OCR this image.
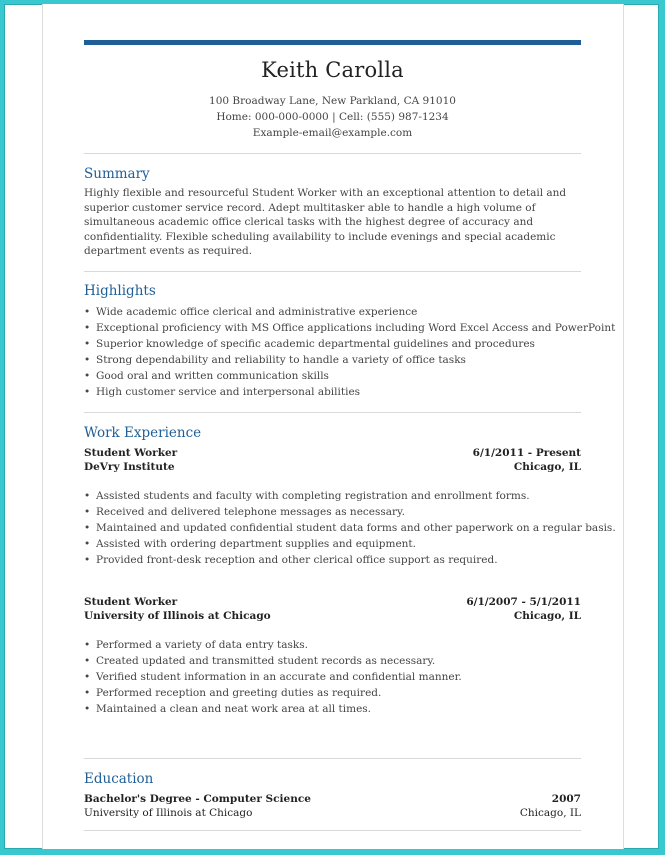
Keith Carolla
100 Broadway Lane, New Parkland, CA 91010
Home: 000-000-0000 | Cell: (555) 987-1234
Example-email@example.com
Summary
Highly flexible and resourceful Student Worker with an exceptional attention to detail and superior customer service record. Adept multitasker able to handle a high volume of simultaneous academic office clerical tasks with the highest degree of accuracy and confidentiality. Flexible scheduling availability to include evenings and special academic department events as required.
Highlights
• Wide academic office clerical and administrative experience
• Exceptional proficiency with MS Office applications including Word Excel Access and PowerPoint
• Superior knowledge of specific academic departmental guidelines and procedures
• Strong dependability and reliability to handle a variety of office tasks
• Good oral and written communication skills
• High customer service and interpersonal abilities
Work Experience
Student Worker	6/1/2011 - Present
DeVry Institute	Chicago, IL
• Assisted students and faculty with completing registration and enrollment forms.
• Received and delivered telephone messages as necessary.
• Maintained and updated confidential student data forms and other paperwork on a regular basis.
• Assisted with ordering department supplies and equipment.
• Provided front-desk reception and other clerical office support as required.
Student Worker	6/1/2007 - 5/1/2011
University of Illinois at Chicago	Chicago, IL
• Performed a variety of data entry tasks.
• Created updated and transmitted student records as necessary.
• Verified student information in an accurate and confidential manner.
• Performed reception and greeting duties as required.
• Maintained a clean and neat work area at all times.
Education
Bachelor's Degree - Computer Science	2007
University of Illinois at Chicago	Chicago, IL
